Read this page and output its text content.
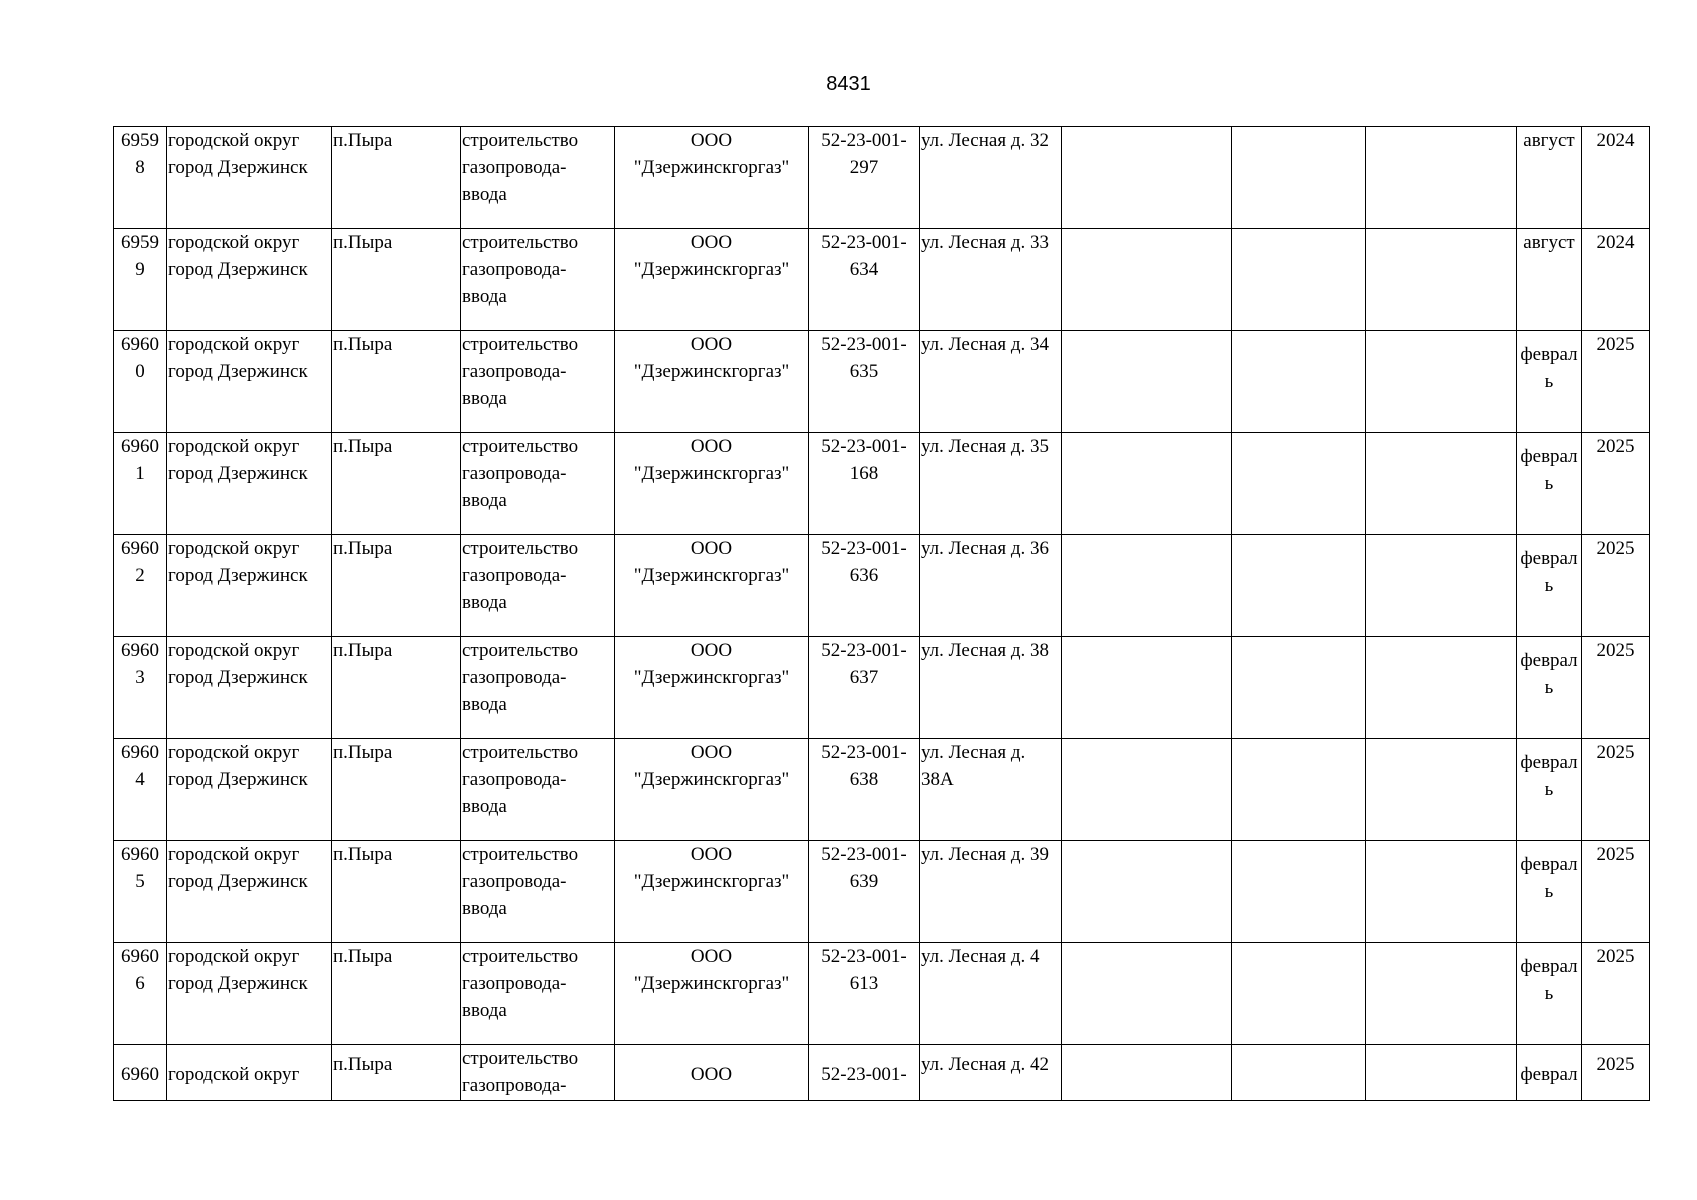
8431
6959
8	городской округ
город Дзержинск	п.Пыра	строительство
газопровода-
ввода	ООО
"Дзержинскгоргаз"	52-23-001-
297	ул. Лесная д. 32				август	2024

6959
9	городской округ
город Дзержинск	п.Пыра	строительство
газопровода-
ввода	ООО
"Дзержинскгоргаз"	52-23-001-
634	ул. Лесная д. 33				август	2024

6960
0	городской округ
город Дзержинск	п.Пыра	строительство
газопровода-
ввода	ООО
"Дзержинскгоргаз"	52-23-001-
635	ул. Лесная д. 34				феврал
ь	2025

6960
1	городской округ
город Дзержинск	п.Пыра	строительство
газопровода-
ввода	ООО
"Дзержинскгоргаз"	52-23-001-
168	ул. Лесная д. 35				феврал
ь	2025

6960
2	городской округ
город Дзержинск	п.Пыра	строительство
газопровода-
ввода	ООО
"Дзержинскгоргаз"	52-23-001-
636	ул. Лесная д. 36				феврал
ь	2025

6960
3	городской округ
город Дзержинск	п.Пыра	строительство
газопровода-
ввода	ООО
"Дзержинскгоргаз"	52-23-001-
637	ул. Лесная д. 38				феврал
ь	2025

6960
4	городской округ
город Дзержинск	п.Пыра	строительство
газопровода-
ввода	ООО
"Дзержинскгоргаз"	52-23-001-
638	ул. Лесная д.
38А				феврал
ь	2025

6960
5	городской округ
город Дзержинск	п.Пыра	строительство
газопровода-
ввода	ООО
"Дзержинскгоргаз"	52-23-001-
639	ул. Лесная д. 39				феврал
ь	2025

6960
6	городской округ
город Дзержинск	п.Пыра	строительство
газопровода-
ввода	ООО
"Дзержинскгоргаз"	52-23-001-
613	ул. Лесная д. 4				феврал
ь	2025

6960	городской округ	п.Пыра	строительство
газопровода-	ООО	52-23-001-	ул. Лесная д. 42				феврал	2025
